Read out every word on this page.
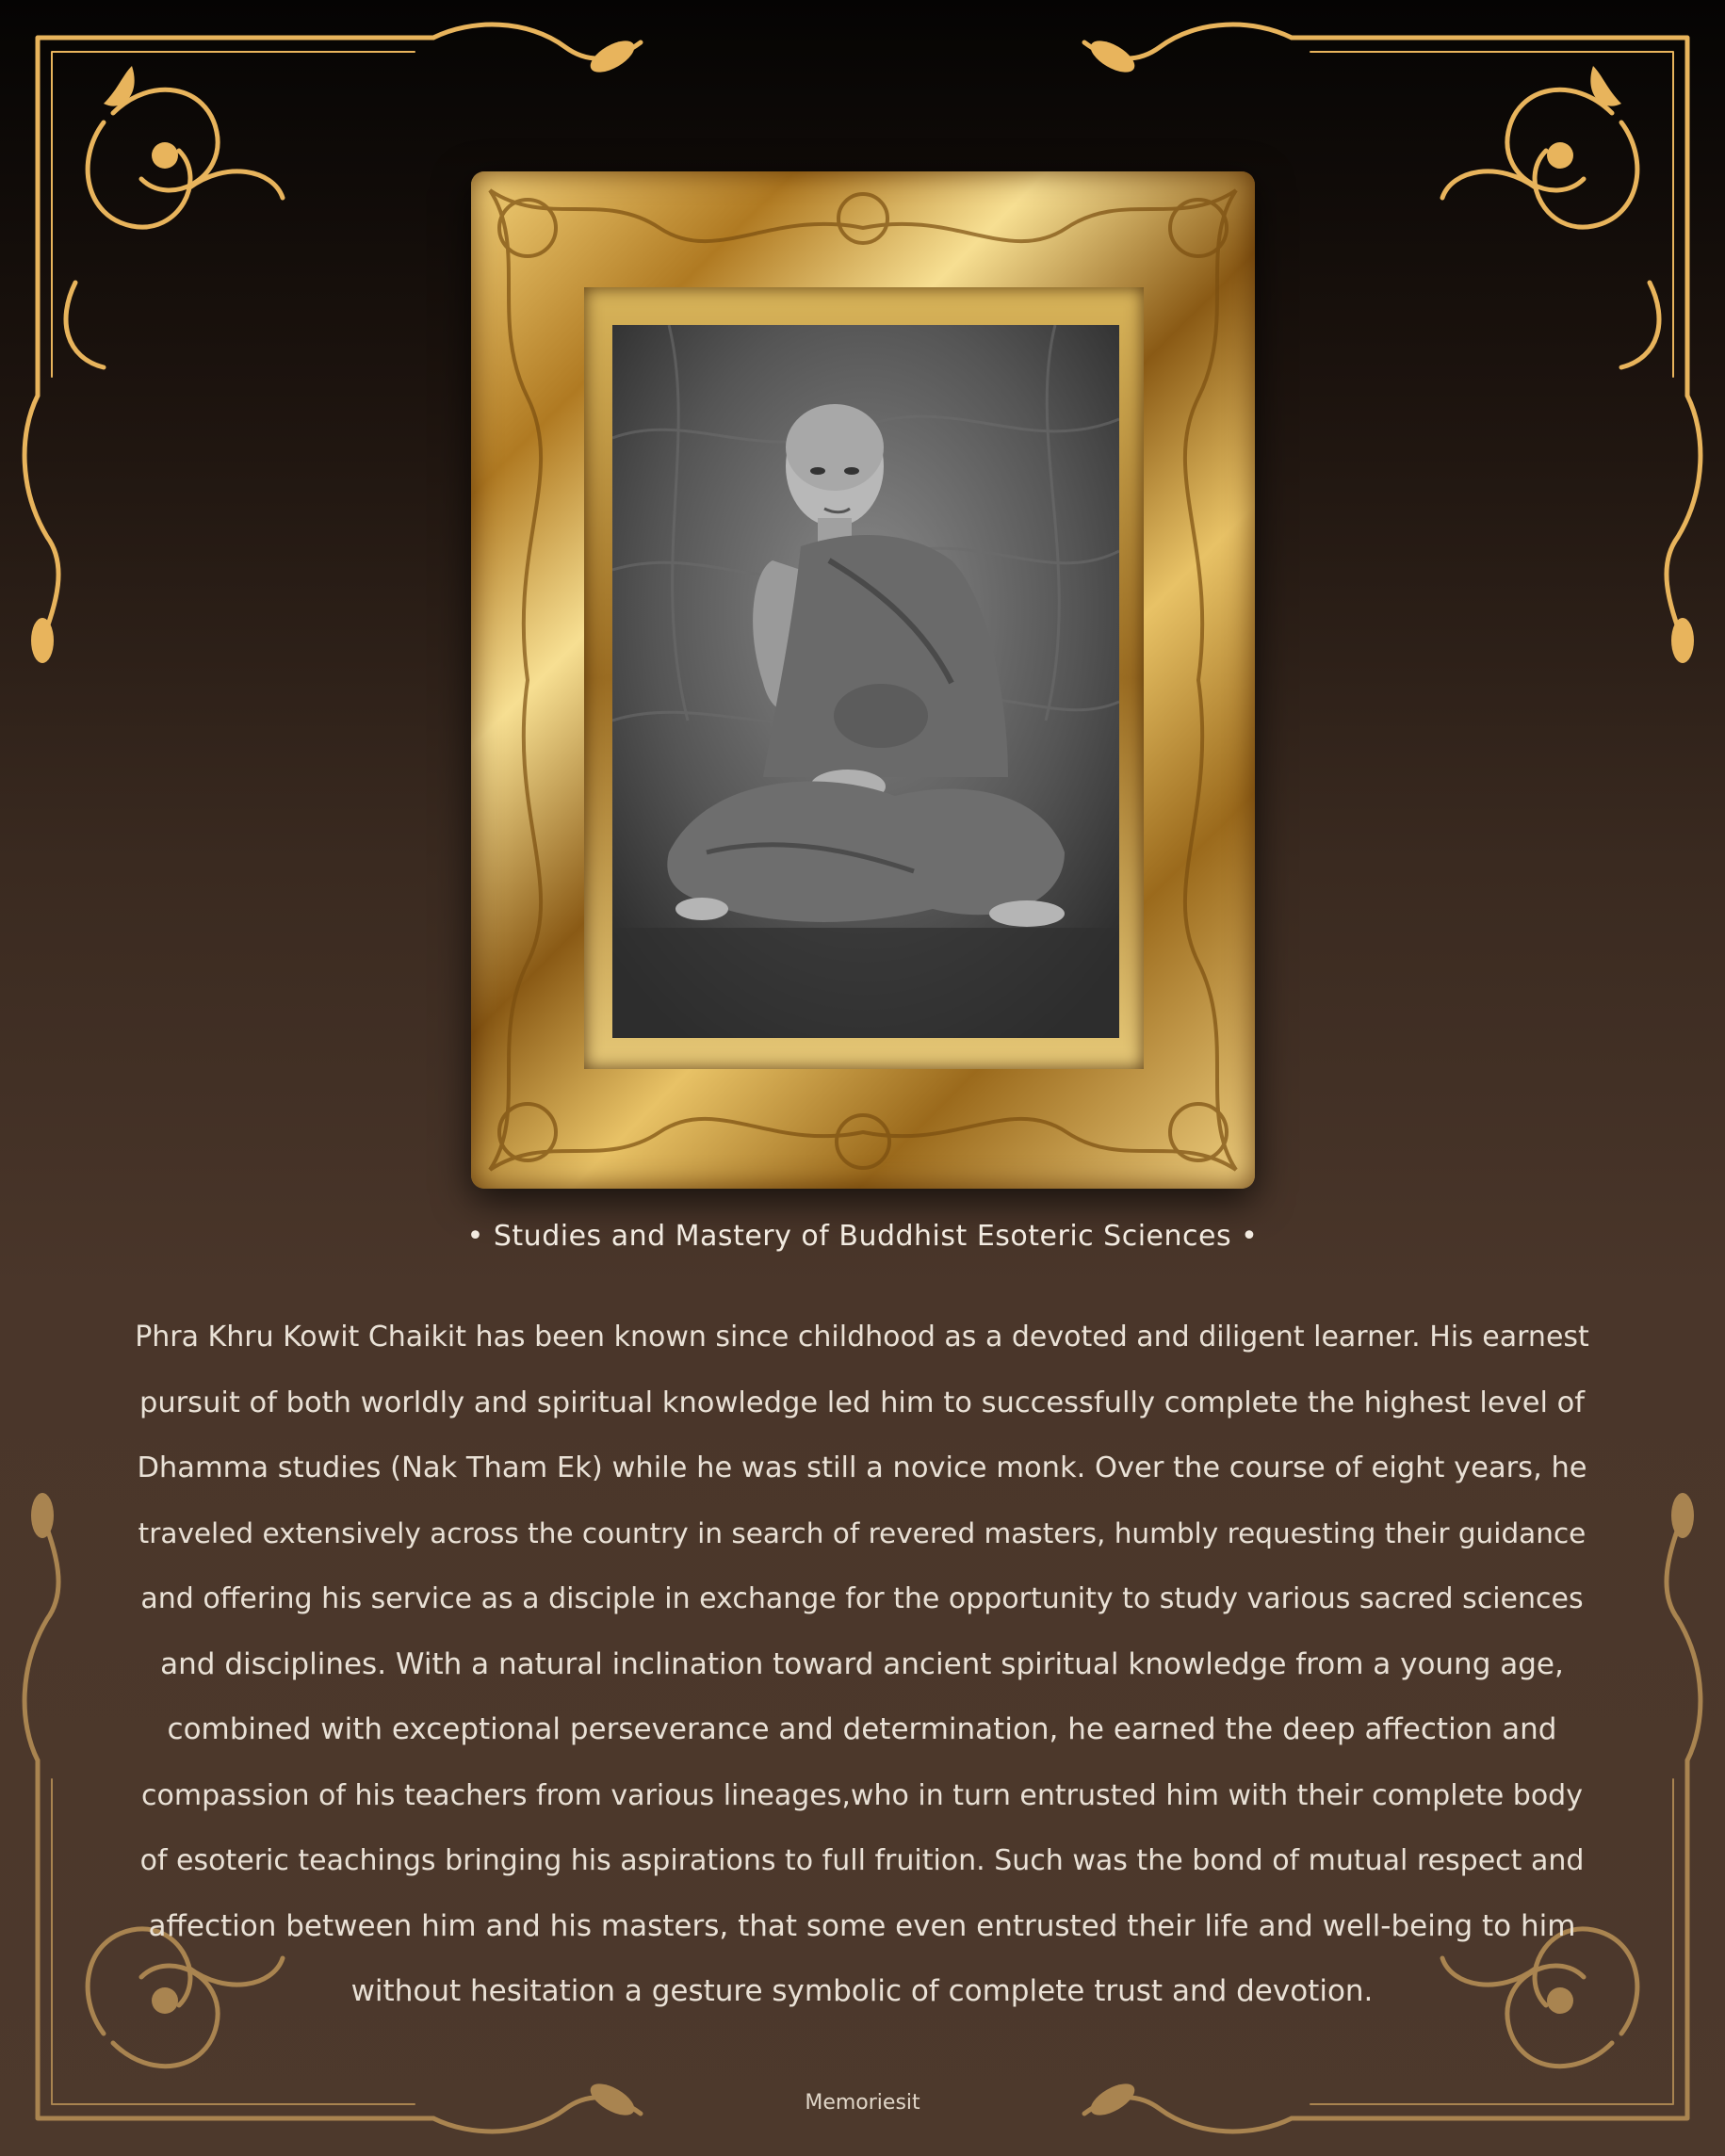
• Studies and Mastery of Buddhist Esoteric Sciences •
Phra Khru Kowit Chaikit has been known since childhood as a devoted and diligent learner. His earnest
pursuit of both worldly and spiritual knowledge led him to successfully complete the highest level of
Dhamma studies (Nak Tham Ek) while he was still a novice monk. Over the course of eight years, he
traveled extensively across the country in search of revered masters, humbly requesting their guidance
and offering his service as a disciple in exchange for the opportunity to study various sacred sciences
and disciplines. With a natural inclination toward ancient spiritual knowledge from a young age,
combined with exceptional perseverance and determination, he earned the deep affection and
compassion of his teachers from various lineages,who in turn entrusted him with their complete body
of esoteric teachings bringing his aspirations to full fruition. Such was the bond of mutual respect and
affection between him and his masters, that some even entrusted their life and well-being to him
without hesitation a gesture symbolic of complete trust and devotion.
Memoriesit
